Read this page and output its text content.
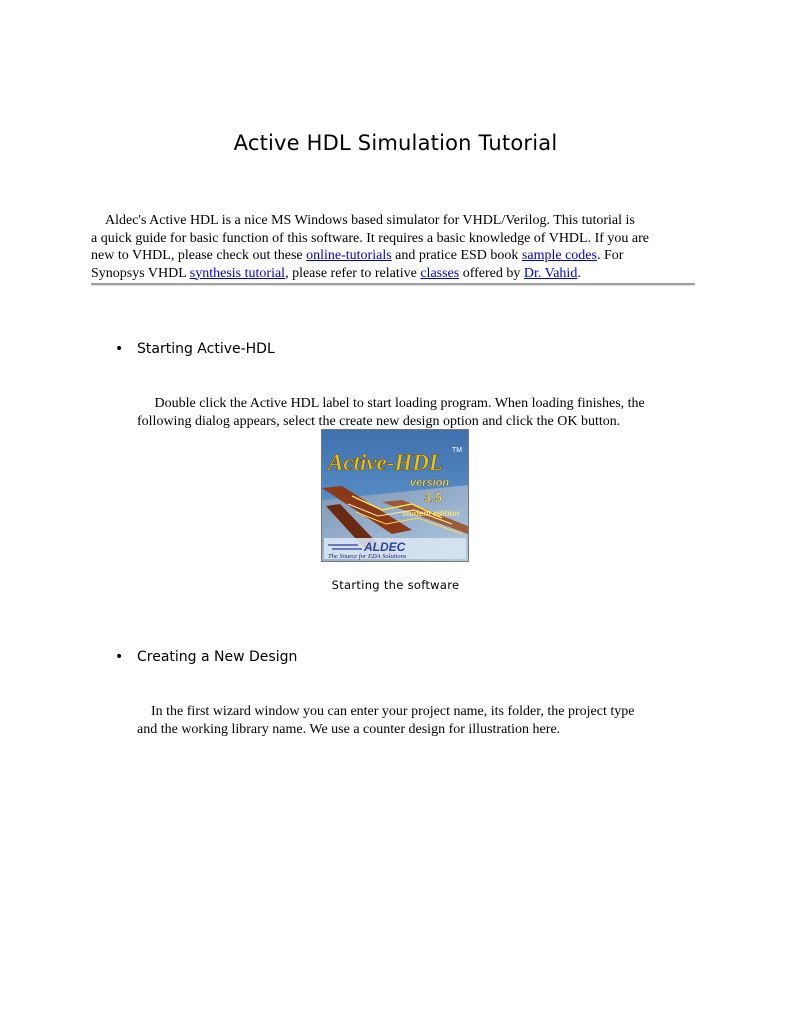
Active HDL Simulation Tutorial
Aldec's Active HDL is a nice MS Windows based simulator for VHDL/Verilog. This tutorial is
a quick guide for basic function of this software. It requires a basic knowledge of VHDL. If you are
new to VHDL, please check out these online-tutorials and pratice ESD book sample codes. For
Synopsys VHDL synthesis tutorial, please refer to relative classes offered by Dr. Vahid.
• Starting Active-HDL
Double click the Active HDL label to start loading program. When loading finishes, the
following dialog appears, select the create new design option and click the OK button.
Active-HDL TM
version
3.5
student edition
ALDEC
The Source for EDA Solutions
Starting the software
• Creating a New Design
In the first wizard window you can enter your project name, its folder, the project type
and the working library name. We use a counter design for illustration here.
